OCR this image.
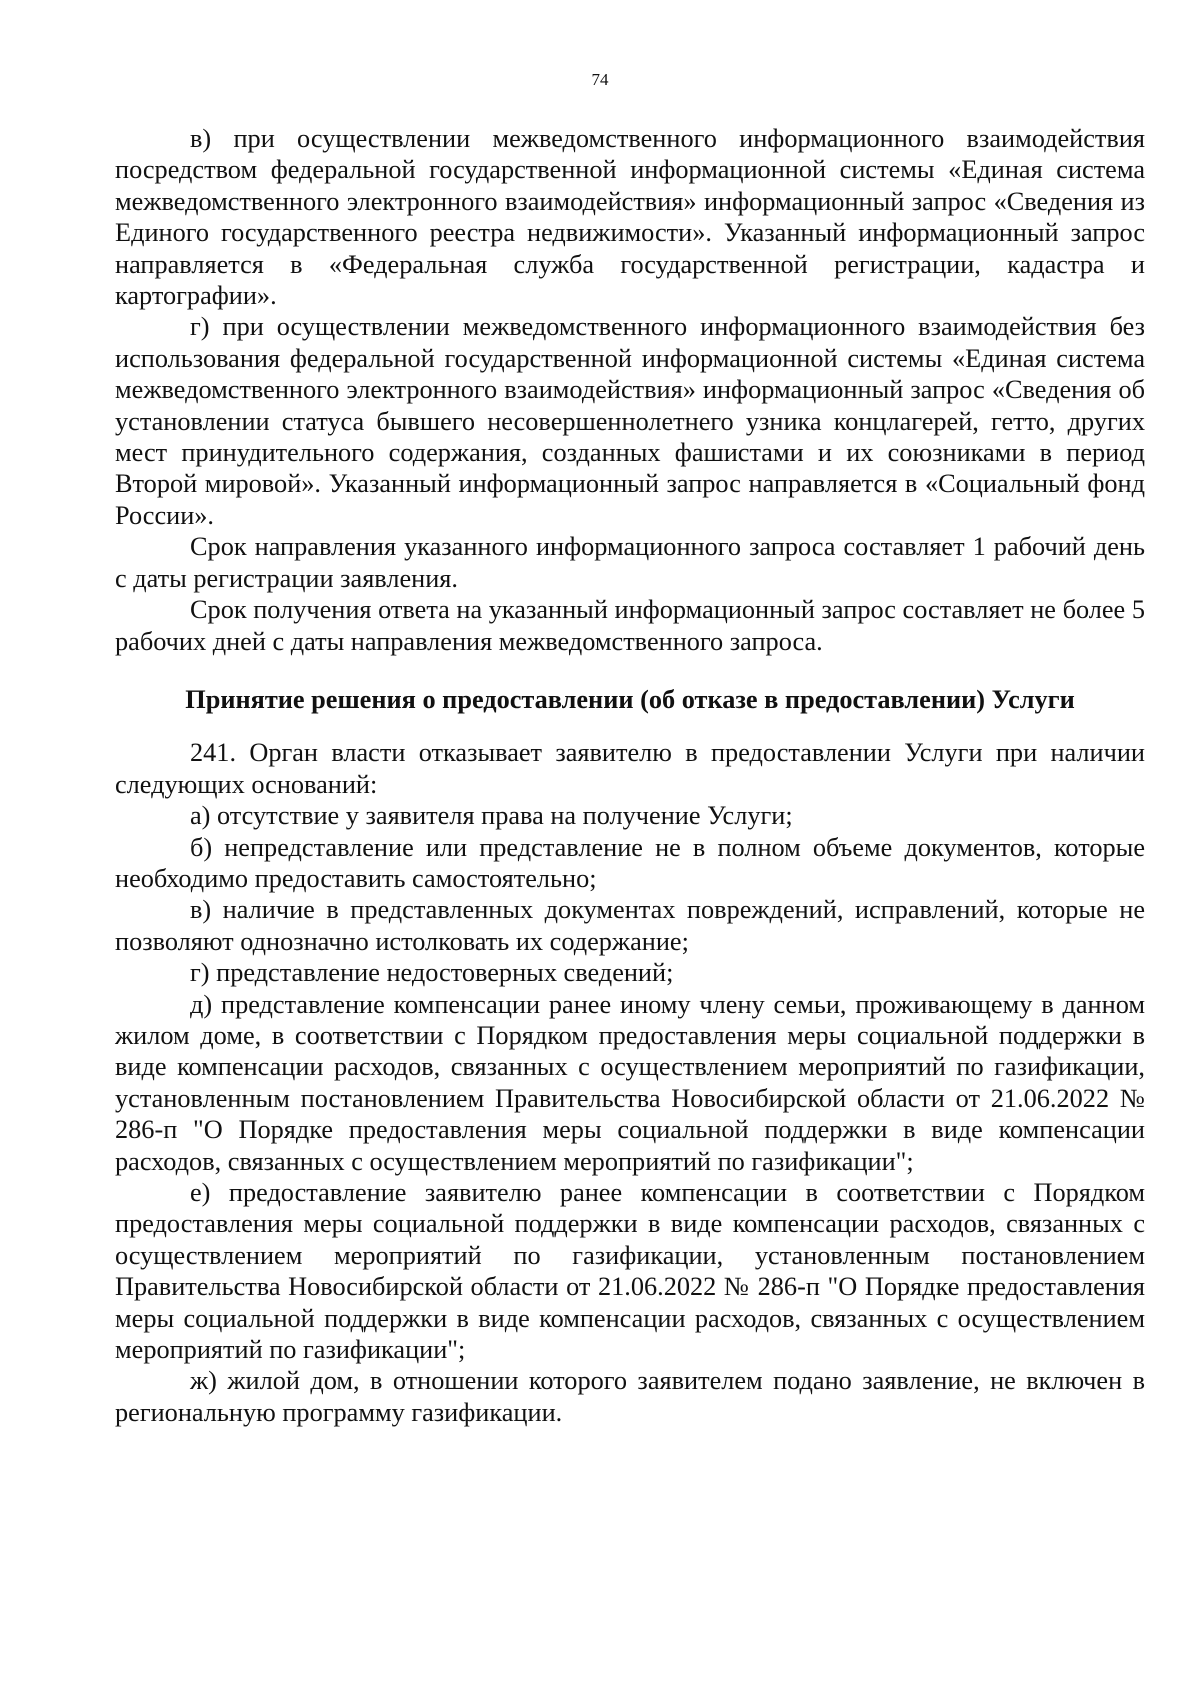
74

в) при осуществлении межведомственного информационного взаимодействия посредством федеральной государственной информационной системы «Единая система межведомственного электронного взаимодействия» информационный запрос «Сведения из Единого государственного реестра недвижимости». Указанный информационный запрос направляется в «Федеральная служба государственной регистрации, кадастра и картографии».

г) при осуществлении межведомственного информационного взаимодействия без использования федеральной государственной информационной системы «Единая система межведомственного электронного взаимодействия» информационный запрос «Сведения об установлении статуса бывшего несовершеннолетнего узника концлагерей, гетто, других мест принудительного содержания, созданных фашистами и их союзниками в период Второй мировой». Указанный информационный запрос направляется в «Социальный фонд России».

Срок направления указанного информационного запроса составляет 1 рабочий день с даты регистрации заявления.

Срок получения ответа на указанный информационный запрос составляет не более 5 рабочих дней с даты направления межведомственного запроса.

Принятие решения о предоставлении (об отказе в предоставлении) Услуги

241. Орган власти отказывает заявителю в предоставлении Услуги при наличии следующих оснований:

а) отсутствие у заявителя права на получение Услуги;

б) непредставление или представление не в полном объеме документов, которые необходимо предоставить самостоятельно;

в) наличие в представленных документах повреждений, исправлений, которые не позволяют однозначно истолковать их содержание;

г) представление недостоверных сведений;

д) представление компенсации ранее иному члену семьи, проживающему в данном жилом доме, в соответствии с Порядком предоставления меры социальной поддержки в виде компенсации расходов, связанных с осуществлением мероприятий по газификации, установленным постановлением Правительства Новосибирской области от 21.06.2022 № 286-п "О Порядке предоставления меры социальной поддержки в виде компенсации расходов, связанных с осуществлением мероприятий по газификации";

е) предоставление заявителю ранее компенсации в соответствии с Порядком предоставления меры социальной поддержки в виде компенсации расходов, связанных с осуществлением мероприятий по газификации, установленным постановлением Правительства Новосибирской области от 21.06.2022 № 286-п "О Порядке предоставления меры социальной поддержки в виде компенсации расходов, связанных с осуществлением мероприятий по газификации";

ж) жилой дом, в отношении которого заявителем подано заявление, не включен в региональную программу газификации.
